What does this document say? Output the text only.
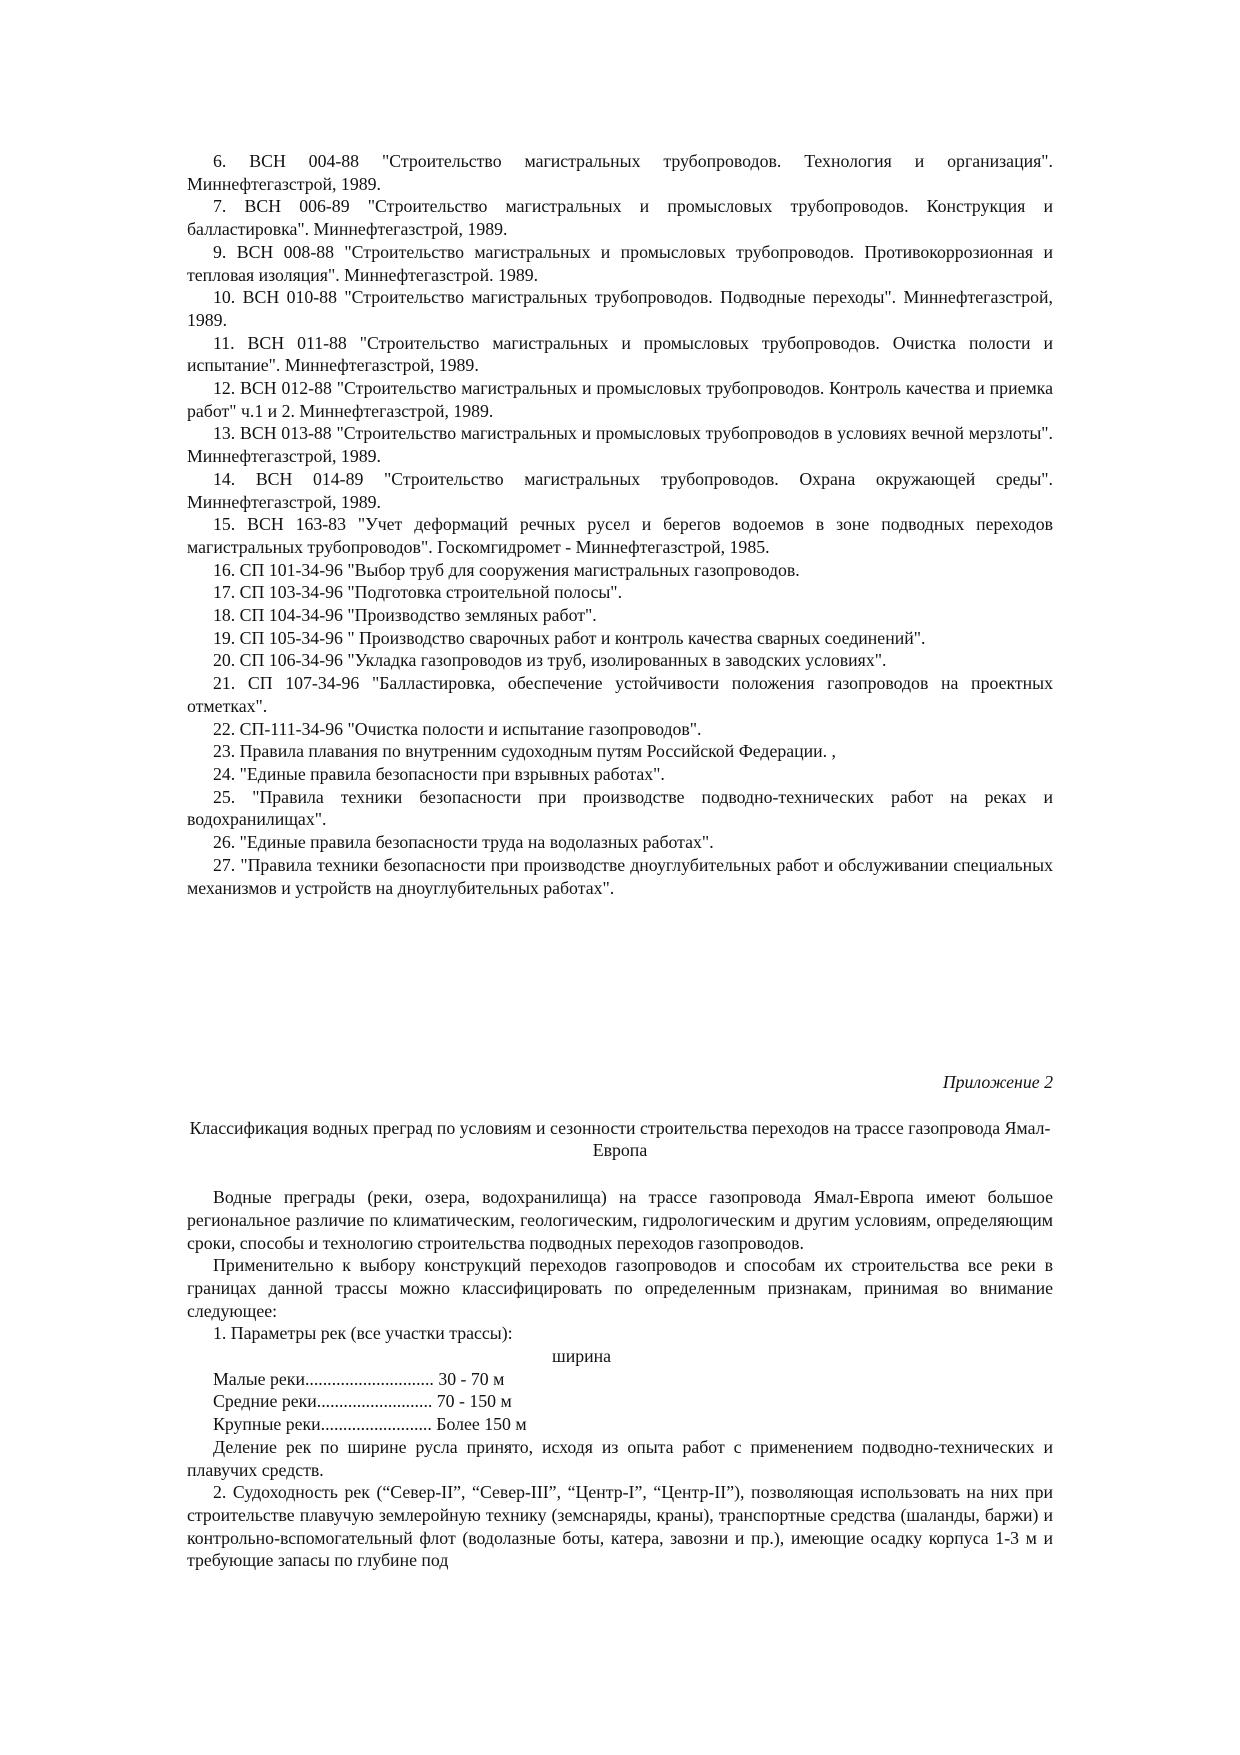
6. ВСН 004-88 "Строительство магистральных трубопроводов. Технология и организация". Миннефтегазстрой, 1989.

7. ВСН 006-89 "Строительство магистральных и промысловых трубопроводов. Конструкция и балластировка". Миннефтегазстрой, 1989.

9. ВСН 008-88 "Строительство магистральных и промысловых трубопроводов. Противокоррозионная и тепловая изоляция". Миннефтегазстрой. 1989.

10. ВСН 010-88 "Строительство магистральных трубопроводов. Подводные переходы". Миннефтегазстрой, 1989.

11. ВСН 011-88 "Строительство магистральных и промысловых трубопроводов. Очистка полости и испытание". Миннефтегазстрой, 1989.

12. ВСН 012-88 "Строительство магистральных и промысловых трубопроводов. Контроль качества и приемка работ" ч.1 и 2. Миннефтегазстрой, 1989.

13. ВСН 013-88 "Строительство магистральных и промысловых трубопроводов в условиях вечной мерзлоты". Миннефтегазстрой, 1989.

14. ВСН 014-89 "Строительство магистральных трубопроводов. Охрана окружающей среды". Миннефтегазстрой, 1989.

15. ВСН 163-83 "Учет деформаций речных русел и берегов водоемов в зоне подводных переходов магистральных трубопроводов". Госкомгидромет - Миннефтегазстрой, 1985.

16. СП 101-34-96 "Выбор труб для сооружения магистральных газопроводов.

17. СП 103-34-96 "Подготовка строительной полосы".

18. СП 104-34-96 "Производство земляных работ".

19. СП 105-34-96 " Производство сварочных работ и контроль качества сварных соединений".

20. СП 106-34-96 "Укладка газопроводов из труб, изолированных в заводских условиях".

21. СП 107-34-96 "Балластировка, обеспечение устойчивости положения газопроводов на проектных отметках".

22. СП-111-34-96 "Очистка полости и испытание газопроводов".

23. Правила плавания по внутренним судоходным путям Российской Федерации. ,

24. "Единые правила безопасности при взрывных работах".

25. "Правила техники безопасности при производстве подводно-технических работ на реках и водохранилищах".

26. "Единые правила безопасности труда на водолазных работах".

27. "Правила техники безопасности при производстве дноуглубительных работ и обслуживании специальных механизмов и устройств на дноуглубительных работах".

Приложение 2

Классификация водных преград по условиям и сезонности строительства переходов на трассе газопровода Ямал-Европа

Водные преграды (реки, озера, водохранилища) на трассе газопровода Ямал-Европа имеют большое региональное различие по климатическим, геологическим, гидрологическим и другим условиям, определяющим сроки, способы и технологию строительства подводных переходов газопроводов.

Применительно к выбору конструкций переходов газопроводов и способам их строительства все реки в границах данной трассы можно классифицировать по определенным признакам, принимая во внимание следующее:

1. Параметры рек (все участки трассы):

ширина

Малые реки............................. 30 - 70 м

Средние реки.......................... 70 - 150 м

Крупные реки......................... Более 150 м

Деление рек по ширине русла принято, исходя из опыта работ с применением подводно-технических и плавучих средств.

2. Судоходность рек (“Север-II”, “Север-III”, “Центр-I”, “Центр-II”), позволяющая использовать на них при строительстве плавучую землеройную технику (земснаряды, краны), транспортные средства (шаланды, баржи) и контрольно-вспомогательный флот (водолазные боты, катера, завозни и пр.), имеющие осадку корпуса 1-3 м и требующие запасы по глубине под
